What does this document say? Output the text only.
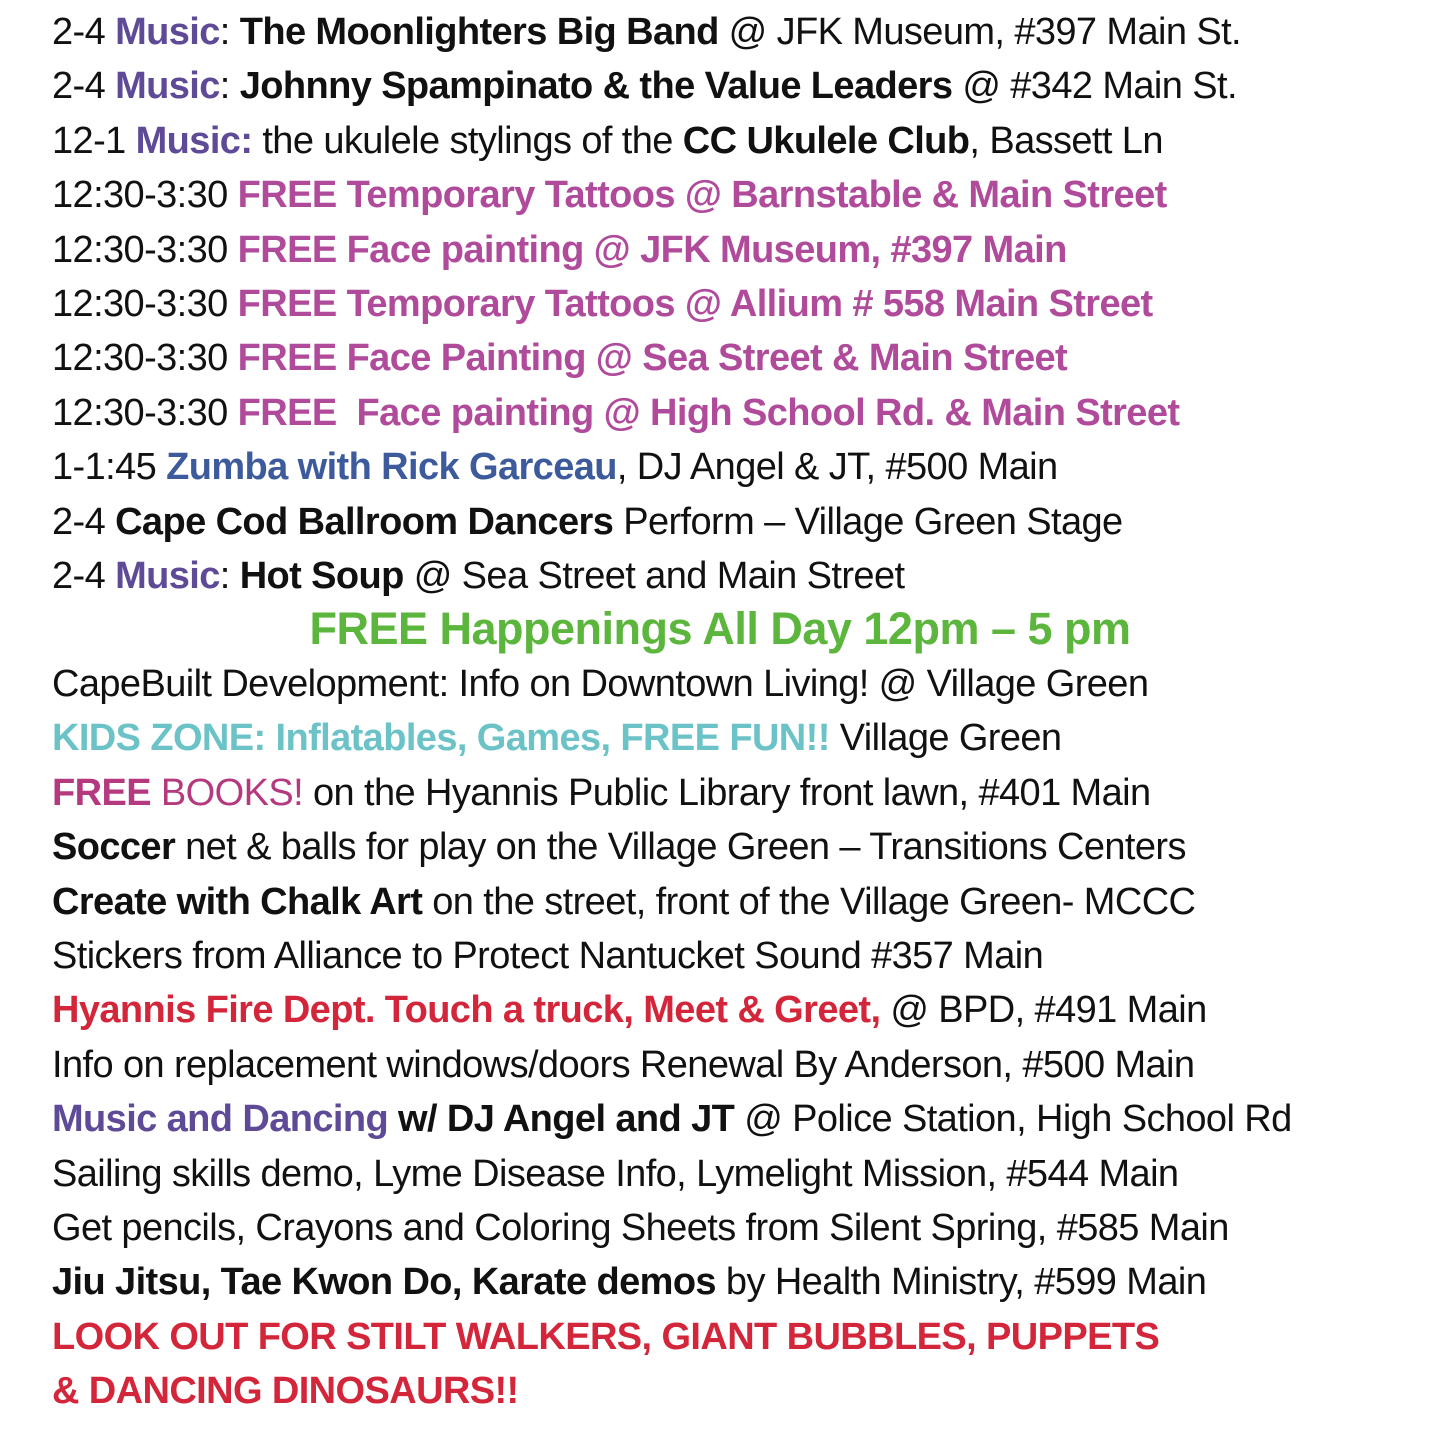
2-4 Music: The Moonlighters Big Band @ JFK Museum, #397 Main St.
2-4 Music: Johnny Spampinato & the Value Leaders @ #342 Main St.
12-1 Music: the ukulele stylings of the CC Ukulele Club, Bassett Ln
12:30-3:30 FREE Temporary Tattoos @ Barnstable & Main Street
12:30-3:30 FREE Face painting @ JFK Museum, #397 Main
12:30-3:30 FREE Temporary Tattoos @ Allium # 558 Main Street
12:30-3:30 FREE Face Painting @ Sea Street & Main Street
12:30-3:30 FREE  Face painting @ High School Rd. & Main Street
1-1:45 Zumba with Rick Garceau, DJ Angel & JT, #500 Main
2-4 Cape Cod Ballroom Dancers Perform – Village Green Stage
2-4 Music: Hot Soup @ Sea Street and Main Street
FREE Happenings All Day 12pm – 5 pm
CapeBuilt Development: Info on Downtown Living! @ Village Green
KIDS ZONE: Inflatables, Games, FREE FUN!! Village Green
FREE BOOKS! on the Hyannis Public Library front lawn, #401 Main
Soccer net & balls for play on the Village Green – Transitions Centers
Create with Chalk Art on the street, front of the Village Green- MCCC
Stickers from Alliance to Protect Nantucket Sound #357 Main
Hyannis Fire Dept. Touch a truck, Meet & Greet, @ BPD, #491 Main
Info on replacement windows/doors Renewal By Anderson, #500 Main
Music and Dancing w/ DJ Angel and JT @ Police Station, High School Rd
Sailing skills demo, Lyme Disease Info, Lymelight Mission, #544 Main
Get pencils, Crayons and Coloring Sheets from Silent Spring, #585 Main
Jiu Jitsu, Tae Kwon Do, Karate demos by Health Ministry, #599 Main
LOOK OUT FOR STILT WALKERS, GIANT BUBBLES, PUPPETS
& DANCING DINOSAURS!!
